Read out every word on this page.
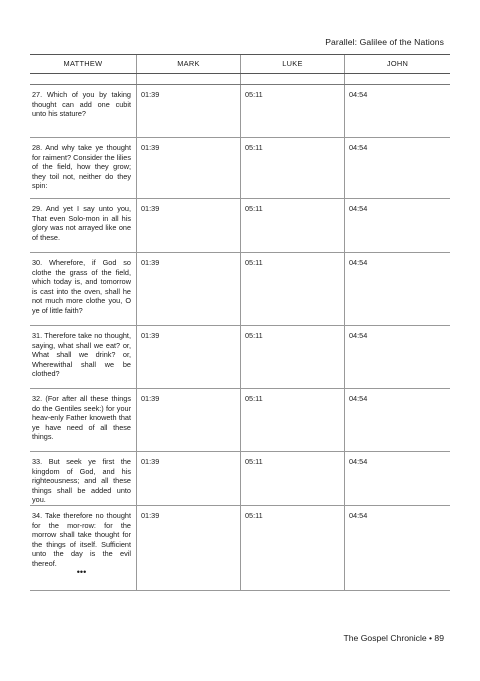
Parallel: Galilee of the Nations
MATTHEW	MARK	LUKE	JOHN
27. Which of you by taking thought can add one cubit unto his stature?
01:39	05:11	04:54
28. And why take ye thought for raiment? Consider the lilies of the field, how they grow; they toil not, neither do they spin:
01:39	05:11	04:54
29. And yet I say unto you, That even Solo-mon in all his glory was not arrayed like one of these.
01:39	05:11	04:54
30. Wherefore, if God so clothe the grass of the field, which today is, and tomorrow is cast into the oven, shall he not much more clothe you, O ye of little faith?
01:39	05:11	04:54
31. Therefore take no thought, saying, what shall we eat? or, What shall we drink? or, Wherewithal shall we be clothed?
01:39	05:11	04:54
32. (For after all these things do the Gentiles seek:) for your heav-enly Father knoweth that ye have need of all these things.
01:39	05:11	04:54
33. But seek ye first the kingdom of God, and his righteousness; and all these things shall be added unto you.
01:39	05:11	04:54
34. Take therefore no thought for the mor-row: for the morrow shall take thought for the things of itself. Sufficient unto the day is the evil thereof.
•••
01:39	05:11	04:54
The Gospel Chronicle • 89
